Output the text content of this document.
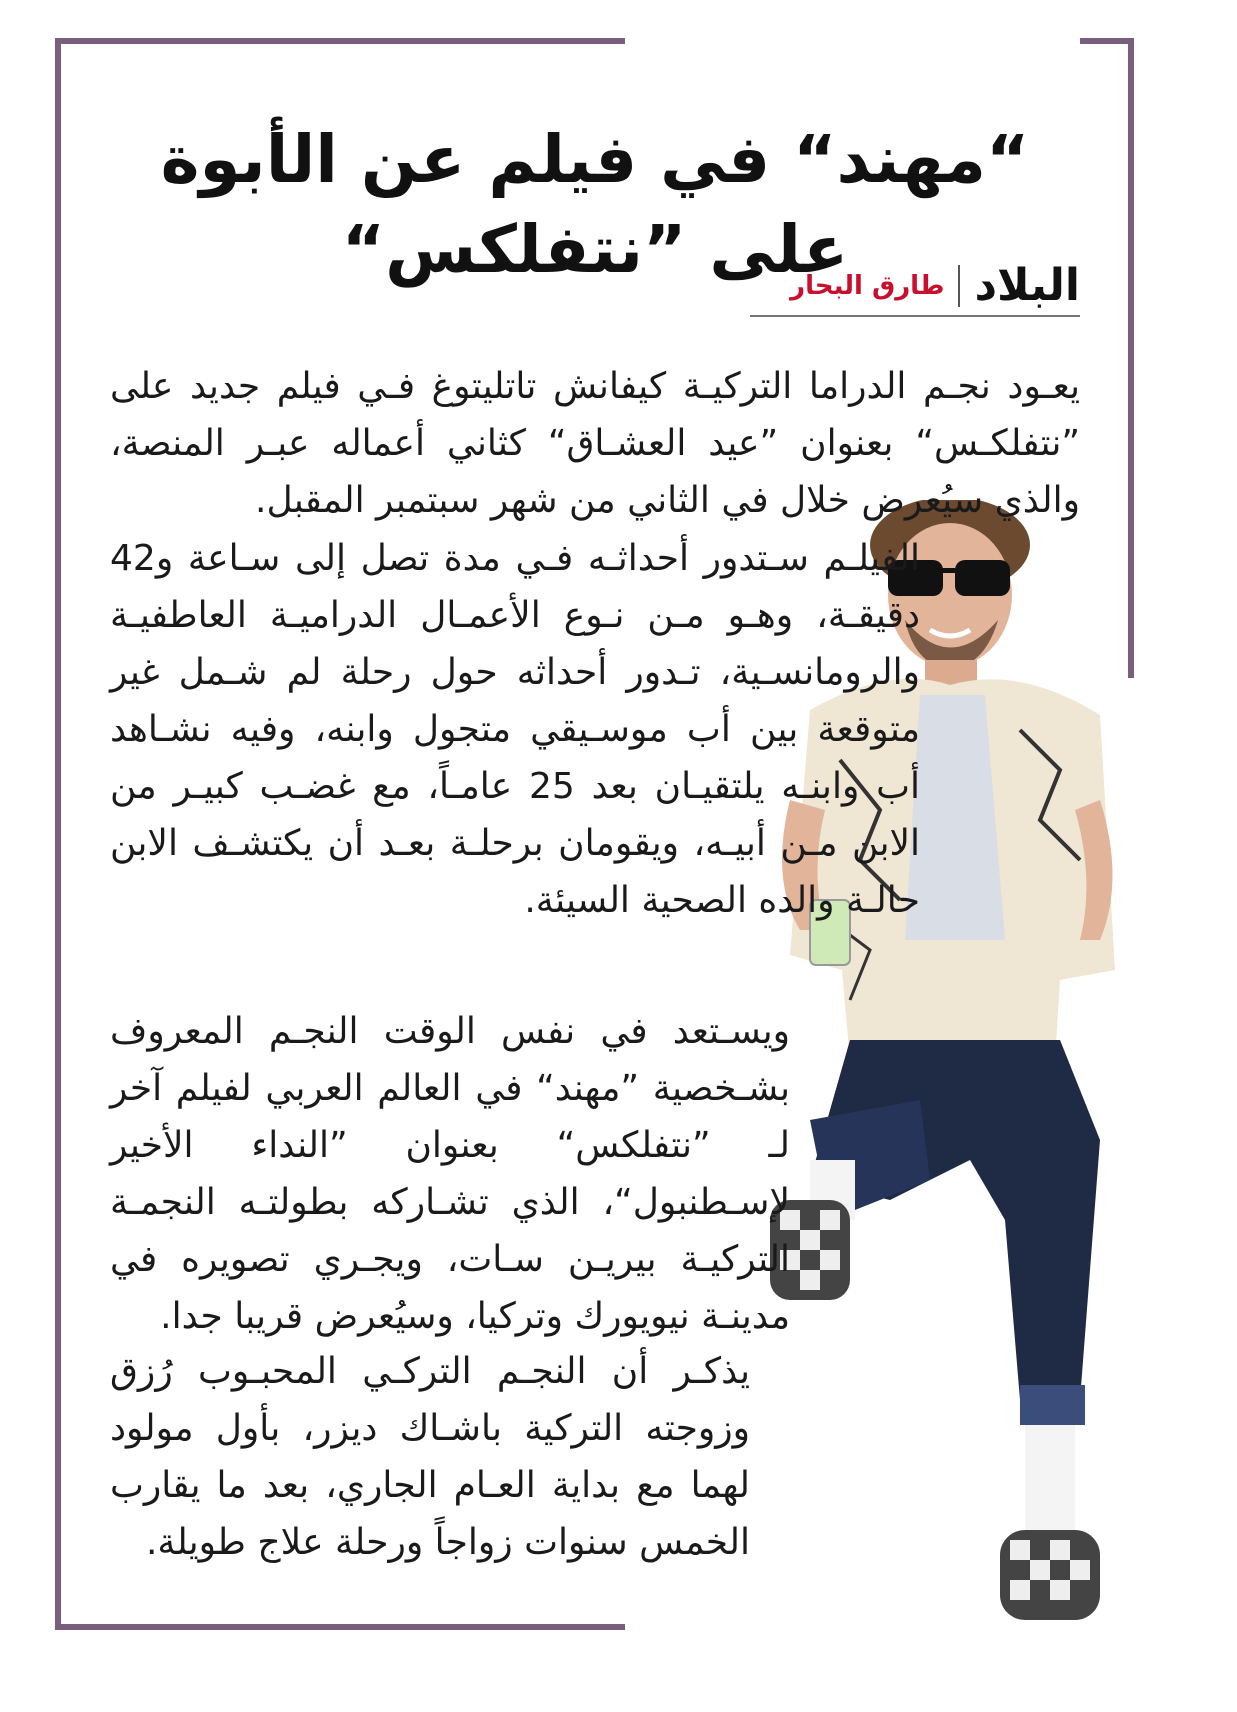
“مهند“ في فيلم عن الأبوة على ”نتفلكس“	البلاد
طارق البحار

يعـود نجـم الدراما التركيـة كيفانش تاتليتوغ فـي فيلم جديد على ”نتفلكـس“ بعنوان ”عيد العشـاق“ كثاني أعماله عبـر المنصة، والذي سيُعرض خلال في الثاني من شهر سبتمبر المقبل.

الفيلـم سـتدور أحداثـه فـي مدة تصل إلى سـاعة و42 دقيقـة، وهـو مـن نـوع الأعمـال الدراميـة العاطفيـة والرومانسـية، تـدور أحداثه حول رحلة لم شـمل غير متوقعة بين أب موسـيقي متجول وابنه، وفيه نشـاهد أب وابنـه يلتقيـان بعد 25 عامـاً، مع غضـب كبيـر من الابن مـن أبيـه، ويقومان برحلـة بعـد أن يكتشـف الابن حالـة والده الصحية السيئة.

ويسـتعد في نفس الوقت النجـم المعروف بشـخصية ”مهند“ في العالم العربي لفيلم آخر لـ ”نتفلكس“ بعنوان ”النداء الأخير لإسـطنبول“، الذي تشـاركه بطولتـه النجمـة التركيـة بيريـن سـات، ويجـري تصويره في مدينـة نيويورك وتركيا، وسيُعرض قريبا جدا.

يذكـر أن النجـم التركـي المحبـوب رُزق وزوجته التركية باشـاك ديزر، بأول مولود لهما مع بداية العـام الجاري، بعد ما يقارب الخمس سنوات زواجاً ورحلة علاج طويلة.
